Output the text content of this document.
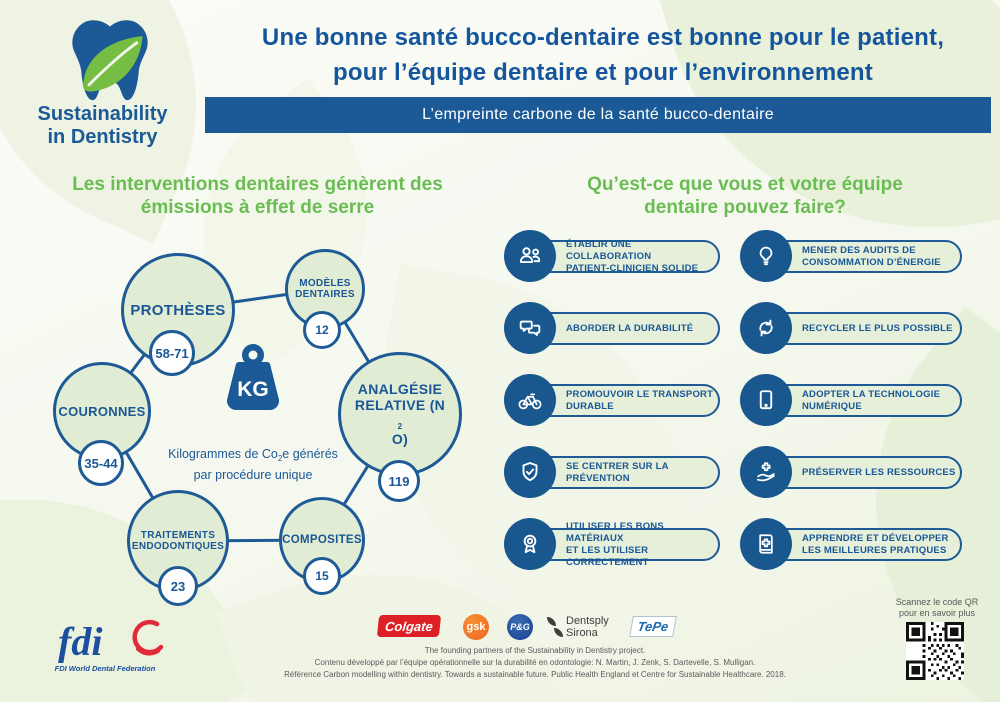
Sustainability
in Dentistry
Une bonne santé bucco-dentaire est bonne pour le patient,
pour l’équipe dentaire et pour l’environnement
L’empreinte carbone de la santé bucco-dentaire
Les interventions dentaires génèrent des
émissions à effet de serre
Qu’est-ce que vous et votre équipe
dentaire pouvez faire?
PROTHÈSES
MODÈLES
DENTAIRES
COURONNES
ANALGÉSIE
RELATIVE (N
$_2$
O)
TRAITEMENTS
ENDODONTIQUES
COMPOSITES
58-71
12
35-44
119
23
15
KG
Kilogrammes de $Co_2e$ générés
par procédure unique
ÉTABLIR UNE COLLABORATION
PATIENT-CLINICIEN SOLIDE
ABORDER LA DURABILITÉ
PROMOUVOIR LE TRANSPORT
DURABLE
SE CENTRER SUR LA PRÉVENTION
UTILISER LES BONS MATÉRIAUX
ET LES UTILISER CORRECTEMENT
MENER DES AUDITS DE
CONSOMMATION D’ÉNERGIE
RECYCLER LE PLUS POSSIBLE
ADOPTER LA TECHNOLOGIE
NUMÉRIQUE
PRÉSERVER LES RESSOURCES
APPRENDRE ET DÉVELOPPER
LES MEILLEURES PRATIQUES
fdi
FDI World Dental Federation
Colgate	gsk	P&G	Dentsply
Sirona	TePe
The founding partners of the Sustainability in Dentistry project.
Contenu développé par l’équipe opérationnelle sur la durabilité en odontologie: N. Martin, J. Zenk, S. Dartevelle, S. Mulligan.
Référence Carbon modelling within dentistry. Towards a sustainable future. Public Health England et Centre for Sustainable Healthcare. 2018.
Scannez le code QR
pour en savoir plus
